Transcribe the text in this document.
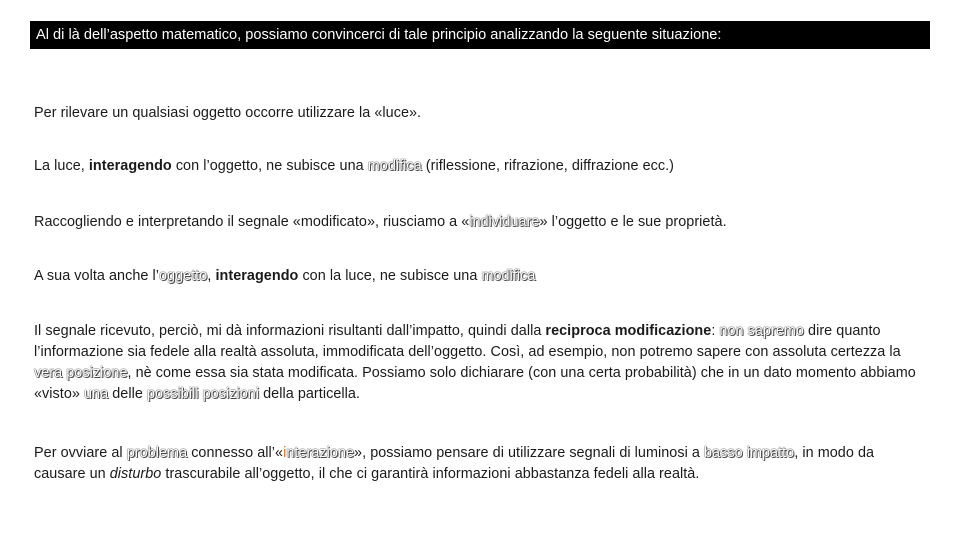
Al di là dell’aspetto matematico, possiamo convincerci di tale principio analizzando la seguente situazione:

Per rilevare un qualsiasi oggetto occorre utilizzare la «luce».

La luce, interagendo con l’oggetto, ne subisce una modifica (riflessione, rifrazione, diffrazione ecc.)

Raccogliendo e interpretando il segnale «modificato», riusciamo a «individuare» l’oggetto e le sue proprietà.

A sua volta anche l’oggetto, interagendo con la luce, ne subisce una modifica

Il segnale ricevuto, perciò, mi dà informazioni risultanti dall’impatto, quindi dalla reciproca modificazione: non sapremo dire quanto l’informazione sia fedele alla realtà assoluta, immodificata dell’oggetto. Così, ad esempio, non potremo sapere con assoluta certezza la vera posizione, nè come essa sia stata modificata. Possiamo solo dichiarare (con una certa probabilità) che in un dato momento abbiamo «visto» una delle possibili posizioni della particella.

Per ovviare al problema connesso all’«interazione», possiamo pensare di utilizzare segnali di luminosi a basso impatto, in modo da causare un disturbo trascurabile all’oggetto, il che ci garantirà informazioni abbastanza fedeli alla realtà.
